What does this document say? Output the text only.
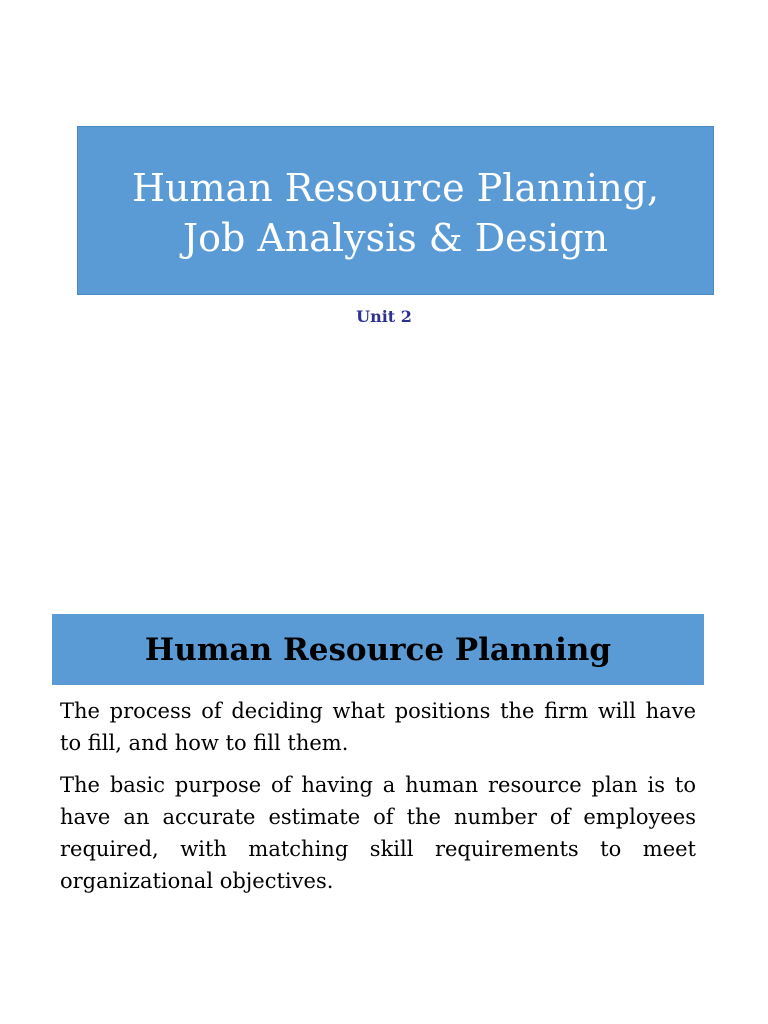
Human Resource Planning,
Job Analysis & Design
Unit 2
Human Resource Planning

The process of deciding what positions the firm will have to fill, and how to fill them.

The basic purpose of having a human resource plan is to have an accurate estimate of the number of employees required, with matching skill requirements to meet organizational objectives.
